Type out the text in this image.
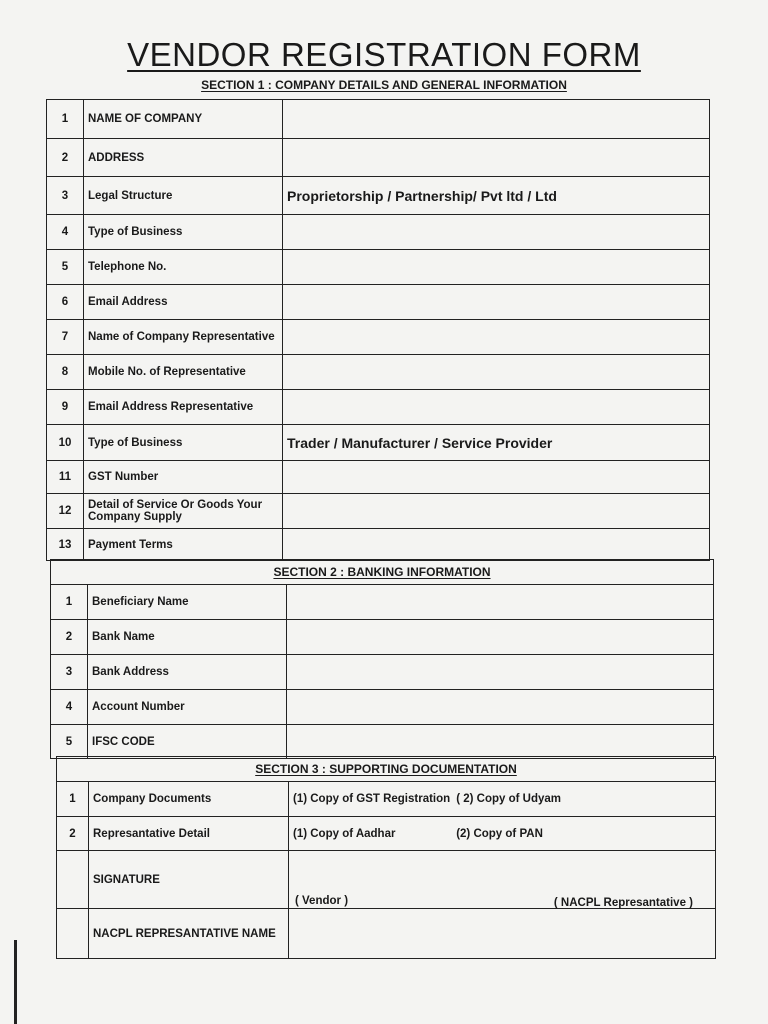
VENDOR REGISTRATION FORM
SECTION 1 : COMPANY DETAILS AND GENERAL INFORMATION
1	NAME OF COMPANY	
2	ADDRESS	
3	Legal Structure	Proprietorship / Partnership/ Pvt ltd / Ltd
4	Type of Business	
5	Telephone No.	
6	Email Address	
7	Name of Company Representative	
8	Mobile No. of Representative	
9	Email Address Representative	
10	Type of Business	Trader / Manufacturer / Service Provider
11	GST Number	
12	Detail of Service Or Goods Your Company Supply	
13	Payment Terms	
SECTION 2 : BANKING INFORMATION		
1	Beneficiary Name	
2	Bank Name	
3	Bank Address	
4	Account Number	
5	IFSC CODE	
SECTION 3 : SUPPORTING DOCUMENTATION		
1	Company Documents	(1) Copy of GST Registration ( 2) Copy of Udyam
2	Represantative Detail	(1) Copy of Aadhar (2) Copy of PAN
	SIGNATURE	( Vendor ) ( NACPL Represantative )

	NACPL REPRESANTATIVE NAME	
